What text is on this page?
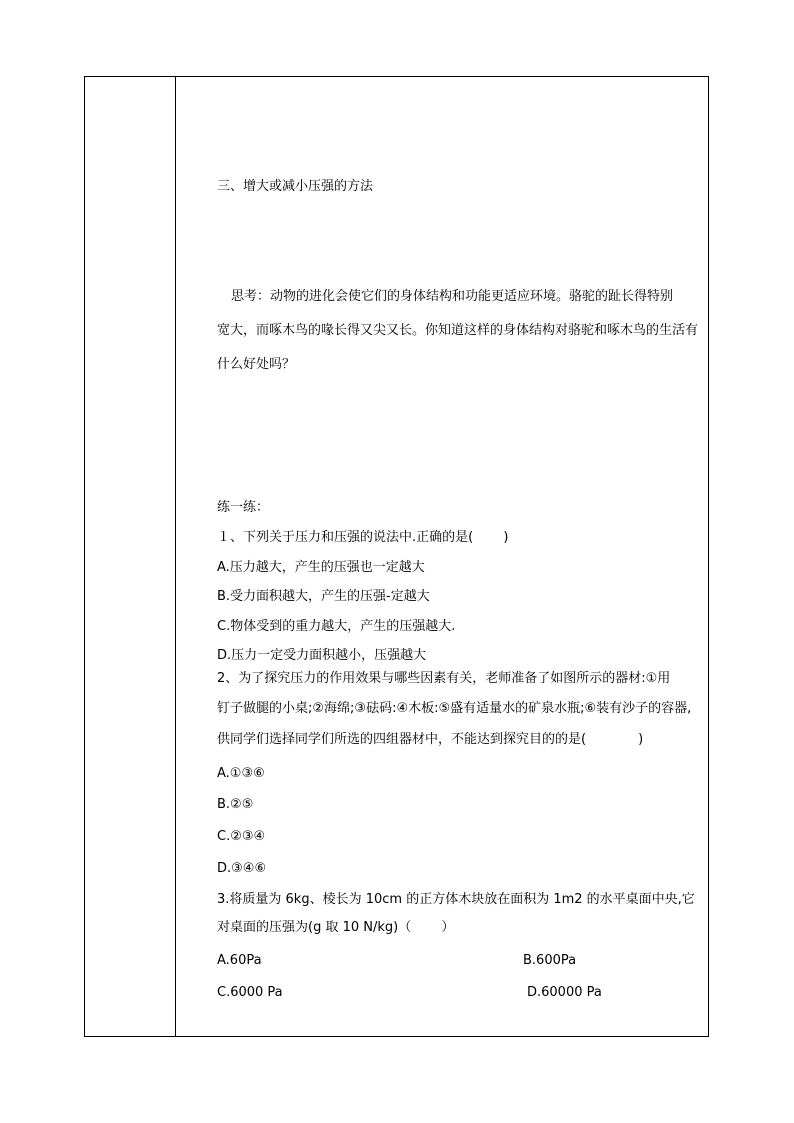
三、增大或减小压强的方法
思考：动物的进化会使它们的身体结构和功能更适应环境。骆驼的趾长得特别
宽大，而啄木鸟的喙长得又尖又长。你知道这样的身体结构对骆驼和啄木鸟的生活有
什么好处吗？
练一练：
１、下列关于压力和压强的说法中.正确的是(　　 )
A.压力越大，产生的压强也一定越大
B.受力面积越大，产生的压强-定越大
C.物体受到的重力越大，产生的压强越大.
D.压力一定受力面积越小，压强越大
2、为了探究压力的作用效果与哪些因素有关，老师准备了如图所示的器材:①用
钉子做腿的小桌;②海绵;③砝码:④木板:⑤盛有适量水的矿泉水瓶;⑥装有沙子的容器,
供同学们选择同学们所选的四组器材中，不能达到探究目的的是(　　　　)
A.①③⑥
B.②⑤
C.②③④
D.③④⑥
3.将质量为 6kg、棱长为 10cm 的正方体木块放在面积为 1m2 的水平桌面中央,它
对桌面的压强为(g 取 10 N/kg)（　　 ）
A.60Pa	B.600Pa
C.6000 Pa	D.60000 Pa
